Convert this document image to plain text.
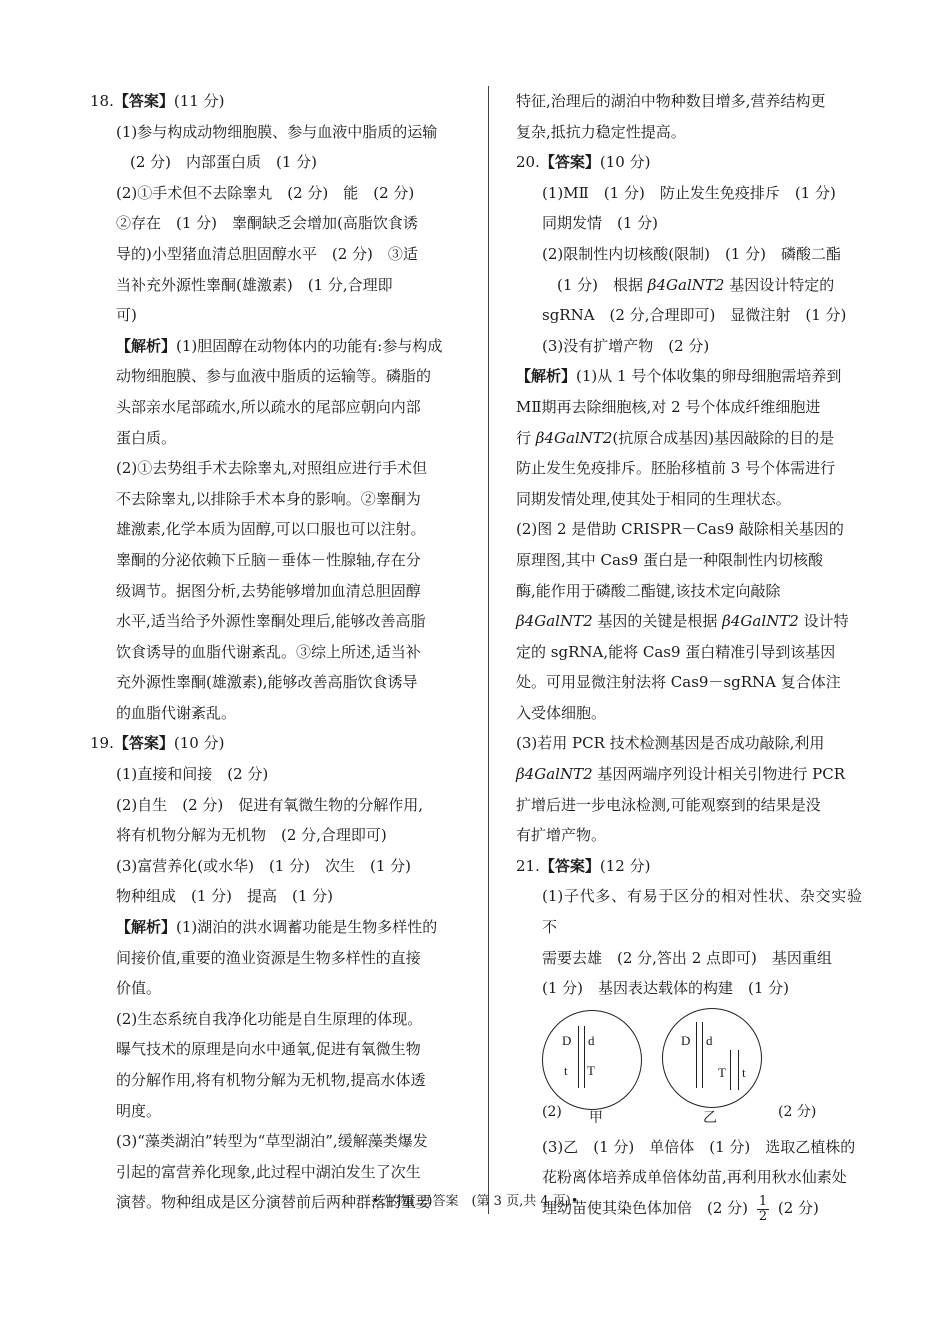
18.【答案】(11 分)

(1)参与构成动物细胞膜、参与血液中脂质的运输

(2 分)　内部蛋白质　(1 分)

(2)①手术但不去除睾丸　(2 分)　能　(2 分)

②存在　(1 分)　睾酮缺乏会增加(高脂饮食诱

导的)小型猪血清总胆固醇水平　(2 分)　③适

当补充外源性睾酮(雄激素)　(1 分,合理即

可)

【解析】(1)胆固醇在动物体内的功能有:参与构成

动物细胞膜、参与血液中脂质的运输等。磷脂的

头部亲水尾部疏水,所以疏水的尾部应朝向内部

蛋白质。

(2)①去势组手术去除睾丸,对照组应进行手术但

不去除睾丸,以排除手术本身的影响。②睾酮为

雄激素,化学本质为固醇,可以口服也可以注射。

睾酮的分泌依赖下丘脑－垂体－性腺轴,存在分

级调节。据图分析,去势能够增加血清总胆固醇

水平,适当给予外源性睾酮处理后,能够改善高脂

饮食诱导的血脂代谢紊乱。③综上所述,适当补

充外源性睾酮(雄激素),能够改善高脂饮食诱导

的血脂代谢紊乱。

19.【答案】(10 分)

(1)直接和间接　(2 分)

(2)自生　(2 分)　促进有氧微生物的分解作用,

将有机物分解为无机物　(2 分,合理即可)

(3)富营养化(或水华)　(1 分)　次生　(1 分)

物种组成　(1 分)　提高　(1 分)

【解析】(1)湖泊的洪水调蓄功能是生物多样性的

间接价值,重要的渔业资源是生物多样性的直接

价值。

(2)生态系统自我净化功能是自生原理的体现。

曝气技术的原理是向水中通氧,促进有氧微生物

的分解作用,将有机物分解为无机物,提高水体透

明度。

(3)“藻类湖泊”转型为“草型湖泊”,缓解藻类爆发

引起的富营养化现象,此过程中湖泊发生了次生

演替。物种组成是区分演替前后两种群落的重要

特征,治理后的湖泊中物种数目增多,营养结构更

复杂,抵抗力稳定性提高。

20.【答案】(10 分)

(1)MⅡ　(1 分)　防止发生免疫排斥　(1 分)

同期发情　(1 分)

(2)限制性内切核酸(限制)　(1 分)　磷酸二酯

　(1 分)　根据 β4GalNT2 基因设计特定的

sgRNA　(2 分,合理即可)　显微注射　(1 分)

(3)没有扩增产物　(2 分)

【解析】(1)从 1 号个体收集的卵母细胞需培养到

MⅡ期再去除细胞核,对 2 号个体成纤维细胞进

行 β4GalNT2(抗原合成基因)基因敲除的目的是

防止发生免疫排斥。胚胎移植前 3 号个体需进行

同期发情处理,使其处于相同的生理状态。

(2)图 2 是借助 CRISPR－Cas9 敲除相关基因的

原理图,其中 Cas9 蛋白是一种限制性内切核酸

酶,能作用于磷酸二酯键,该技术定向敲除

β4GalNT2 基因的关键是根据 β4GalNT2 设计特

定的 sgRNA,能将 Cas9 蛋白精准引导到该基因

处。可用显微注射法将 Cas9－sgRNA 复合体注

入受体细胞。

(3)若用 PCR 技术检测基因是否成功敲除,利用

β4GalNT2 基因两端序列设计相关引物进行 PCR

扩增后进一步电泳检测,可能观察到的结果是没

有扩增产物。

21.【答案】(12 分)

(1)子代多、有易于区分的相对性状、杂交实验不

需要去雄　(2 分,答出 2 点即可)　基因重组

(1 分)　基因表达载体的构建　(1 分)

(2)
D d
t T
甲
D d
T t
乙	(2 分)

(3)乙　(1 分)　单倍体　(1 分)　选取乙植株的

花粉离体培养成单倍体幼苗,再利用秋水仙素处

理幼苗使其染色体加倍　(2 分) $\frac{1}{2} (2$ 分)

• 生物(三)答案　(第 3 页,共 4 页)•
